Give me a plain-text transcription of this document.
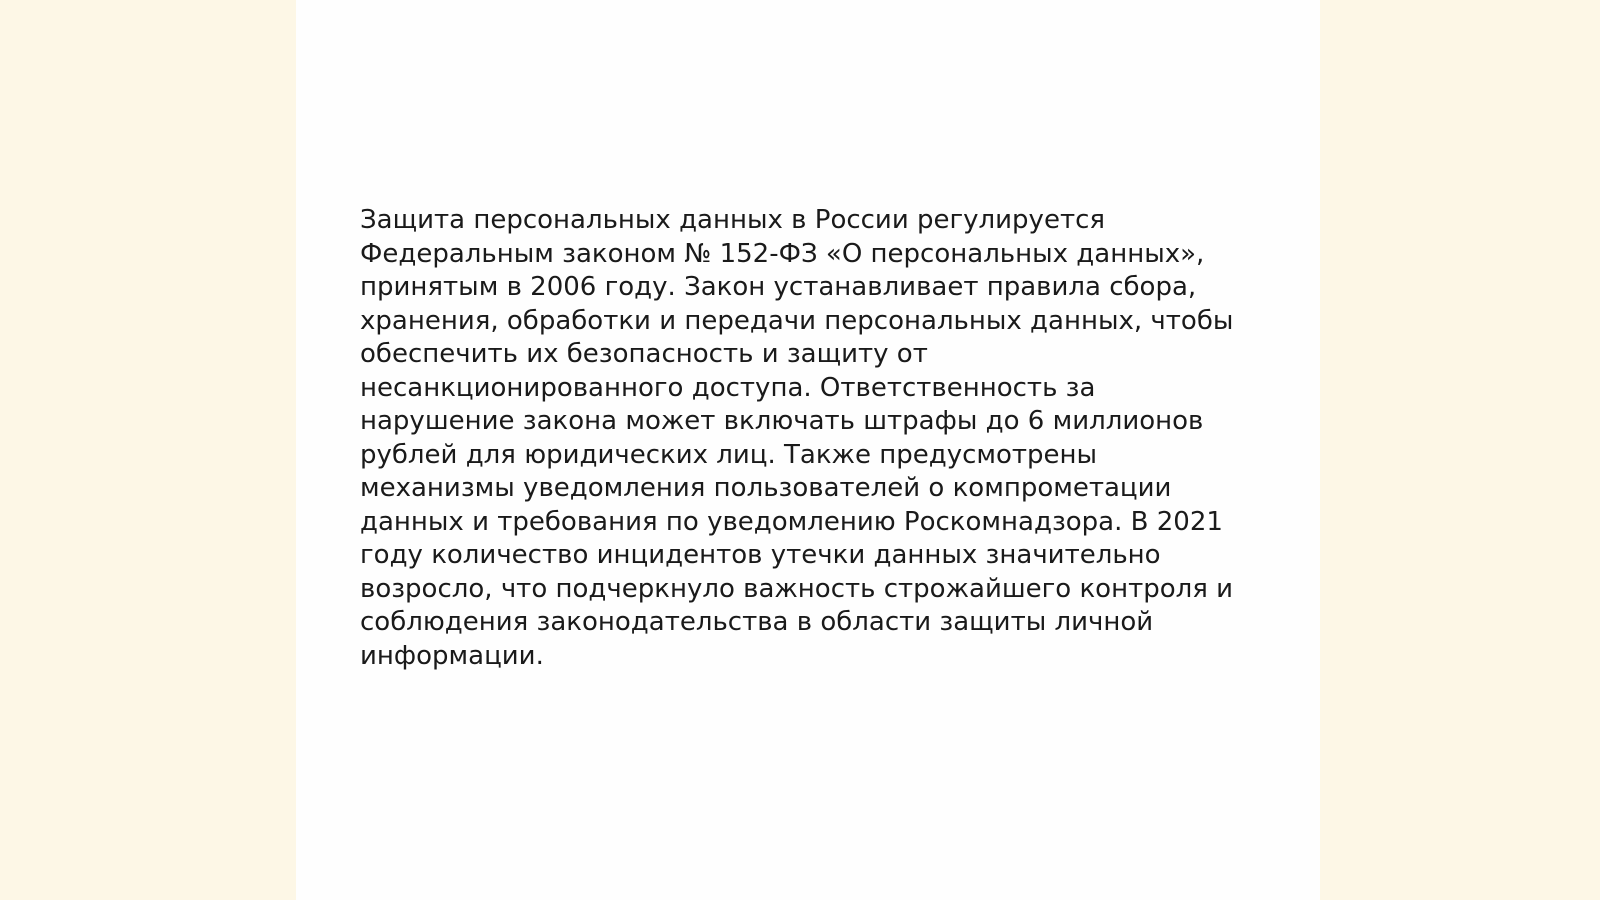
Защита персональных данных в России регулируется
Федеральным законом № 152-ФЗ «О персональных данных»,
принятым в 2006 году. Закон устанавливает правила сбора,
хранения, обработки и передачи персональных данных, чтобы
обеспечить их безопасность и защиту от
несанкционированного доступа. Ответственность за
нарушение закона может включать штрафы до 6 миллионов
рублей для юридических лиц. Также предусмотрены
механизмы уведомления пользователей о компрометации
данных и требования по уведомлению Роскомнадзора. В 2021
году количество инцидентов утечки данных значительно
возросло, что подчеркнуло важность строжайшего контроля и
соблюдения законодательства в области защиты личной
информации.
